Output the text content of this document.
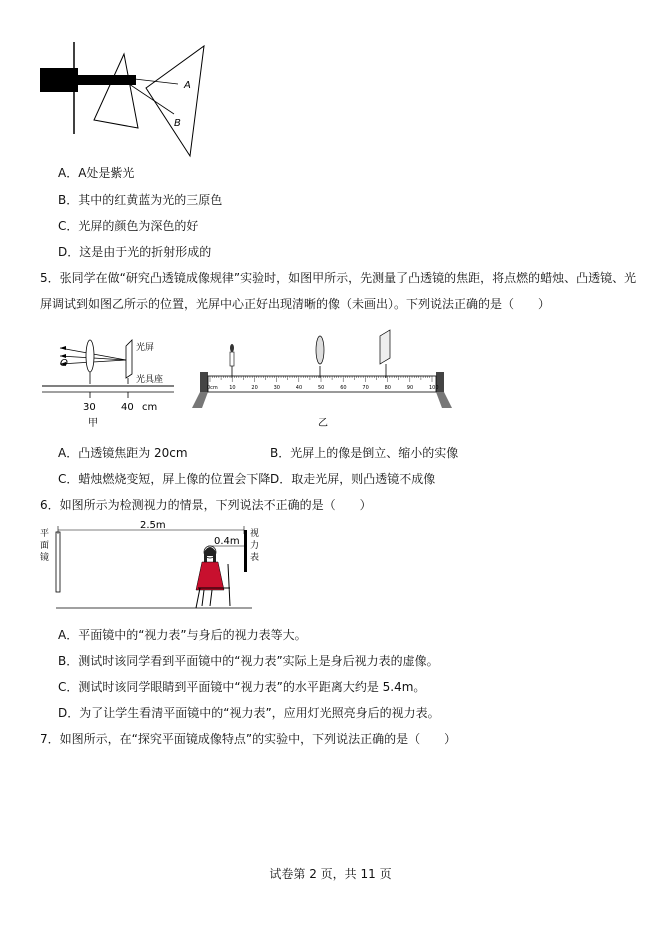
A
B
A．A处是紫光
B．其中的红黄蓝为光的三原色
C．光屏的颜色为深色的好
D．这是由于光的折射形成的
5．张同学在做“研究凸透镜成像规律”实验时，如图甲所示，先测量了凸透镜的焦距，将点燃的蜡烛、凸透镜、光
屏调试到如图乙所示的位置，光屏中心正好出现清晰的像（未画出）。下列说法正确的是（　　）
O
光屏
光具座
30	40 cm
甲
0cm 10	20	30	40	50	60	70	80	90	100
乙
A．凸透镜焦距为 20cm	B．光屏上的像是倒立、缩小的实像
C．蜡烛燃烧变短，屏上像的位置会下降 D．取走光屏，则凸透镜不成像
6．如图所示为检测视力的情景，下列说法不正确的是（　　）
平
面
镜
2.5m
0.4m
视
力
表
A．平面镜中的“视力表”与身后的视力表等大。
B．测试时该同学看到平面镜中的“视力表”实际上是身后视力表的虚像。
C．测试时该同学眼睛到平面镜中“视力表”的水平距离大约是 5.4m。
D．为了让学生看清平面镜中的“视力表”，应用灯光照亮身后的视力表。
7．如图所示，在“探究平面镜成像特点”的实验中，下列说法正确的是（　　）
试卷第 2 页，共 11 页
